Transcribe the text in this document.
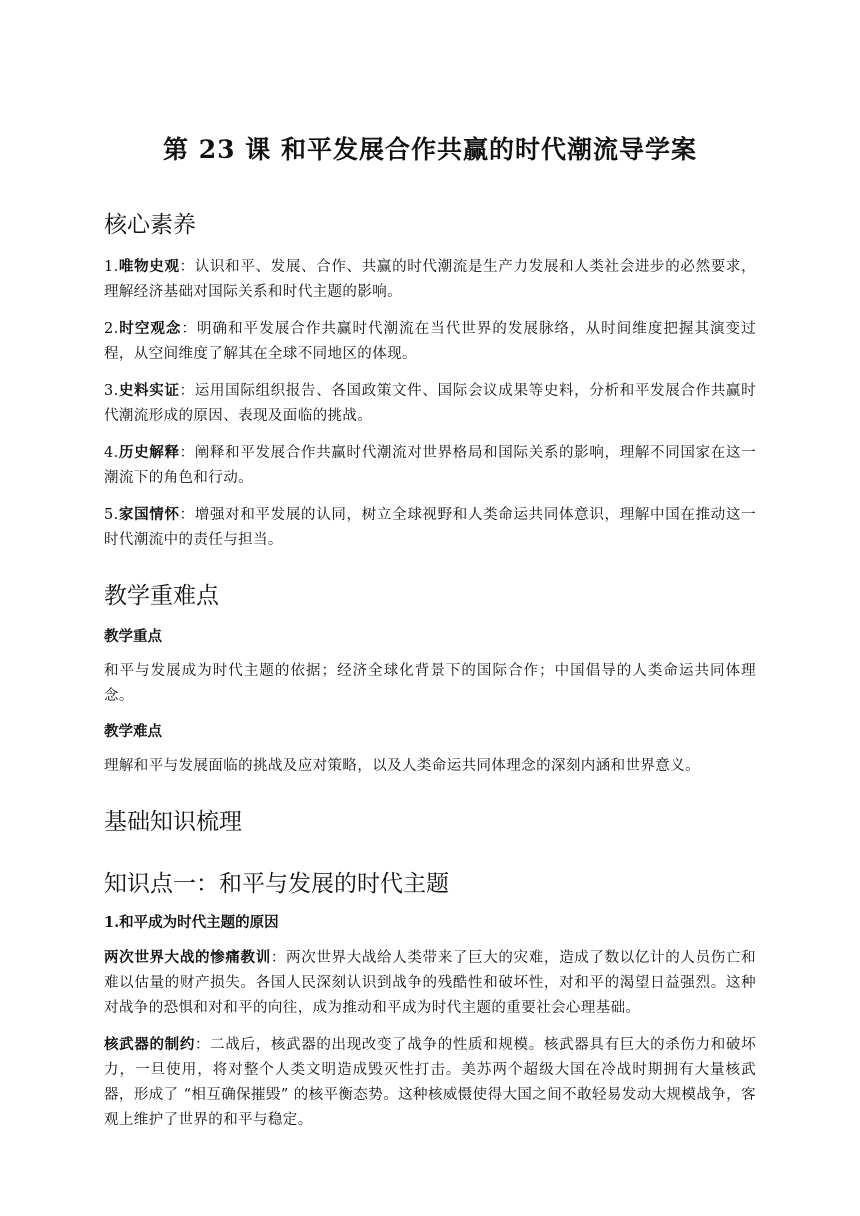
第 23 课 和平发展合作共赢的时代潮流导学案
核心素养

1.唯物史观：认识和平、发展、合作、共赢的时代潮流是生产力发展和人类社会进步的必然要求，理解经济基础对国际关系和时代主题的影响。

2.时空观念：明确和平发展合作共赢时代潮流在当代世界的发展脉络，从时间维度把握其演变过程，从空间维度了解其在全球不同地区的体现。

3.史料实证：运用国际组织报告、各国政策文件、国际会议成果等史料，分析和平发展合作共赢时代潮流形成的原因、表现及面临的挑战。

4.历史解释：阐释和平发展合作共赢时代潮流对世界格局和国际关系的影响，理解不同国家在这一潮流下的角色和行动。

5.家国情怀：增强对和平发展的认同，树立全球视野和人类命运共同体意识，理解中国在推动这一时代潮流中的责任与担当。

教学重难点
教学重点

和平与发展成为时代主题的依据；经济全球化背景下的国际合作；中国倡导的人类命运共同体理念。

教学难点

理解和平与发展面临的挑战及应对策略，以及人类命运共同体理念的深刻内涵和世界意义。

基础知识梳理
知识点一：和平与发展的时代主题
1.和平成为时代主题的原因

两次世界大战的惨痛教训：两次世界大战给人类带来了巨大的灾难，造成了数以亿计的人员伤亡和难以估量的财产损失。各国人民深刻认识到战争的残酷性和破坏性，对和平的渴望日益强烈。这种对战争的恐惧和对和平的向往，成为推动和平成为时代主题的重要社会心理基础。

核武器的制约：二战后，核武器的出现改变了战争的性质和规模。核武器具有巨大的杀伤力和破坏力，一旦使用，将对整个人类文明造成毁灭性打击。美苏两个超级大国在冷战时期拥有大量核武器，形成了 “相互确保摧毁” 的核平衡态势。这种核威慑使得大国之间不敢轻易发动大规模战争，客观上维护了世界的和平与稳定。
